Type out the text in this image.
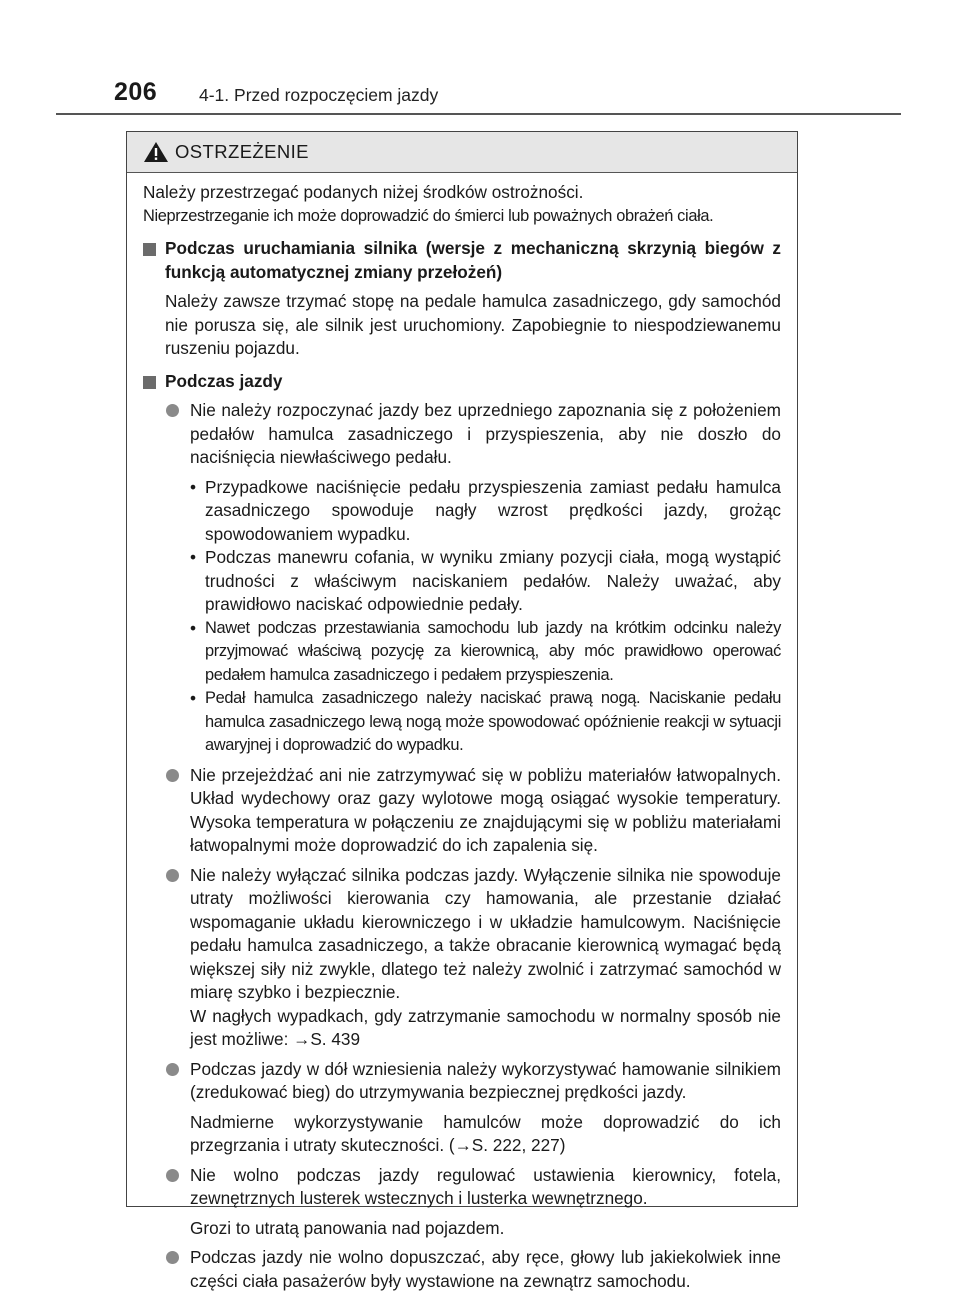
206 4-1. Przed rozpoczęciem jazdy
OSTRZEŻENIE

Należy przestrzegać podanych niżej środków ostrożności.

Nieprzestrzeganie ich może doprowadzić do śmierci lub poważnych obrażeń ciała.

Podczas uruchamiania silnika (wersje z mechaniczną skrzynią biegów z funkcją automatycznej zmiany przełożeń)

Należy zawsze trzymać stopę na pedale hamulca zasadniczego, gdy samochód nie porusza się, ale silnik jest uruchomiony. Zapobiegnie to niespodziewanemu ruszeniu pojazdu.

Podczas jazdy

Nie należy rozpoczynać jazdy bez uprzedniego zapoznania się z położeniem pedałów hamulca zasadniczego i przyspieszenia, aby nie doszło do naciśnięcia niewłaściwego pedału.

• Przypadkowe naciśnięcie pedału przyspieszenia zamiast pedału hamulca zasadniczego spowoduje nagły wzrost prędkości jazdy, grożąc spowodowaniem wypadku.

• Podczas manewru cofania, w wyniku zmiany pozycji ciała, mogą wystąpić trudności z właściwym naciskaniem pedałów. Należy uważać, aby prawidłowo naciskać odpowiednie pedały.

• Nawet podczas przestawiania samochodu lub jazdy na krótkim odcinku należy przyjmować właściwą pozycję za kierownicą, aby móc prawidłowo operować pedałem hamulca zasadniczego i pedałem przyspieszenia.

• Pedał hamulca zasadniczego należy naciskać prawą nogą. Naciskanie pedału hamulca zasadniczego lewą nogą może spowodować opóźnienie reakcji w sytuacji awaryjnej i doprowadzić do wypadku.

Nie przejeżdżać ani nie zatrzymywać się w pobliżu materiałów łatwopalnych. Układ wydechowy oraz gazy wylotowe mogą osiągać wysokie temperatury. Wysoka temperatura w połączeniu ze znajdującymi się w pobliżu materiałami łatwopalnymi może doprowadzić do ich zapalenia się.

Nie należy wyłączać silnika podczas jazdy. Wyłączenie silnika nie spowoduje utraty możliwości kierowania czy hamowania, ale przestanie działać wspomaganie układu kierowniczego i w układzie hamulcowym. Naciśnięcie pedału hamulca zasadniczego, a także obracanie kierownicą wymagać będą większej siły niż zwykle, dlatego też należy zwolnić i zatrzymać samochód w miarę szybko i bezpiecznie.

W nagłych wypadkach, gdy zatrzymanie samochodu w normalny sposób nie jest możliwe: →S. 439

Podczas jazdy w dół wzniesienia należy wykorzystywać hamowanie silnikiem (zredukować bieg) do utrzymywania bezpiecznej prędkości jazdy.

Nadmierne wykorzystywanie hamulców może doprowadzić do ich przegrzania i utraty skuteczności. (→S. 222, 227)

Nie wolno podczas jazdy regulować ustawienia kierownicy, fotela, zewnętrznych lusterek wstecznych i lusterka wewnętrznego.

Grozi to utratą panowania nad pojazdem.

Podczas jazdy nie wolno dopuszczać, aby ręce, głowy lub jakiekolwiek inne części ciała pasażerów były wystawione na zewnątrz samochodu.
